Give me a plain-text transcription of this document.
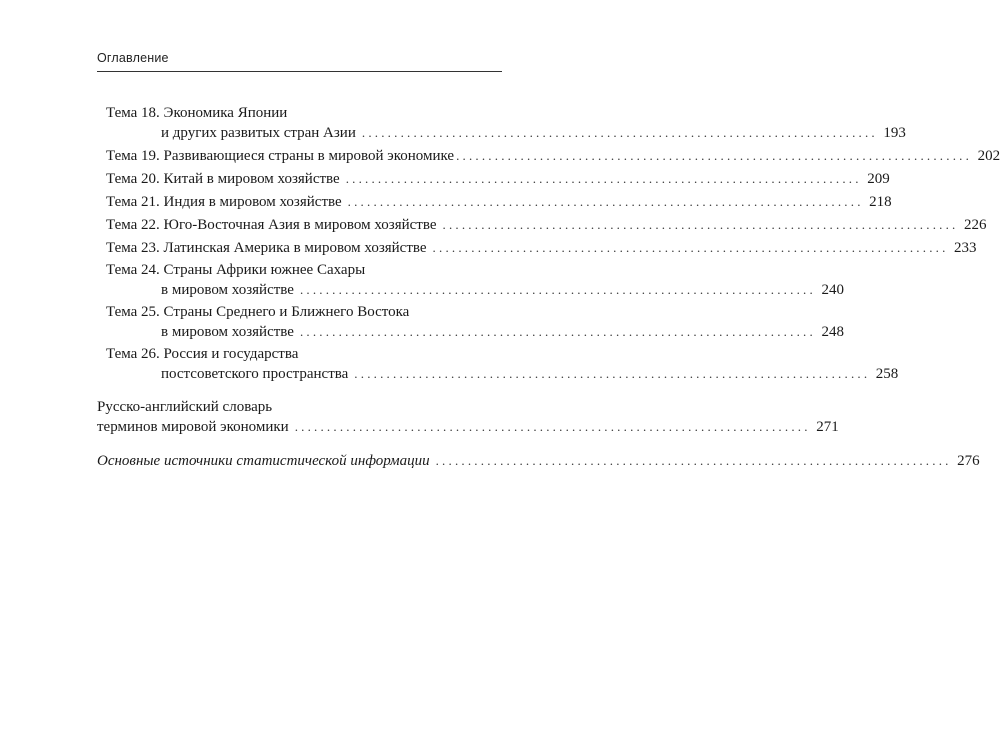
Оглавление
Тема 18. Экономика Японии
и других развитых стран Азии ................................................................................ 193
Тема 19. Развивающиеся страны в мировой экономике ................................................................................ 202
Тема 20. Китай в мировом хозяйстве ................................................................................ 209
Тема 21. Индия в мировом хозяйстве ................................................................................ 218
Тема 22. Юго-Восточная Азия в мировом хозяйстве ................................................................................ 226
Тема 23. Латинская Америка в мировом хозяйстве ................................................................................ 233
Тема 24. Страны Африки южнее Сахары
в мировом хозяйстве ................................................................................ 240
Тема 25. Страны Среднего и Ближнего Востока
в мировом хозяйстве ................................................................................ 248
Тема 26. Россия и государства
постсоветского пространства ................................................................................ 258
Русско-английский словарь
терминов мировой экономики ................................................................................ 271
Основные источники статистической информации ................................................................................ 276
